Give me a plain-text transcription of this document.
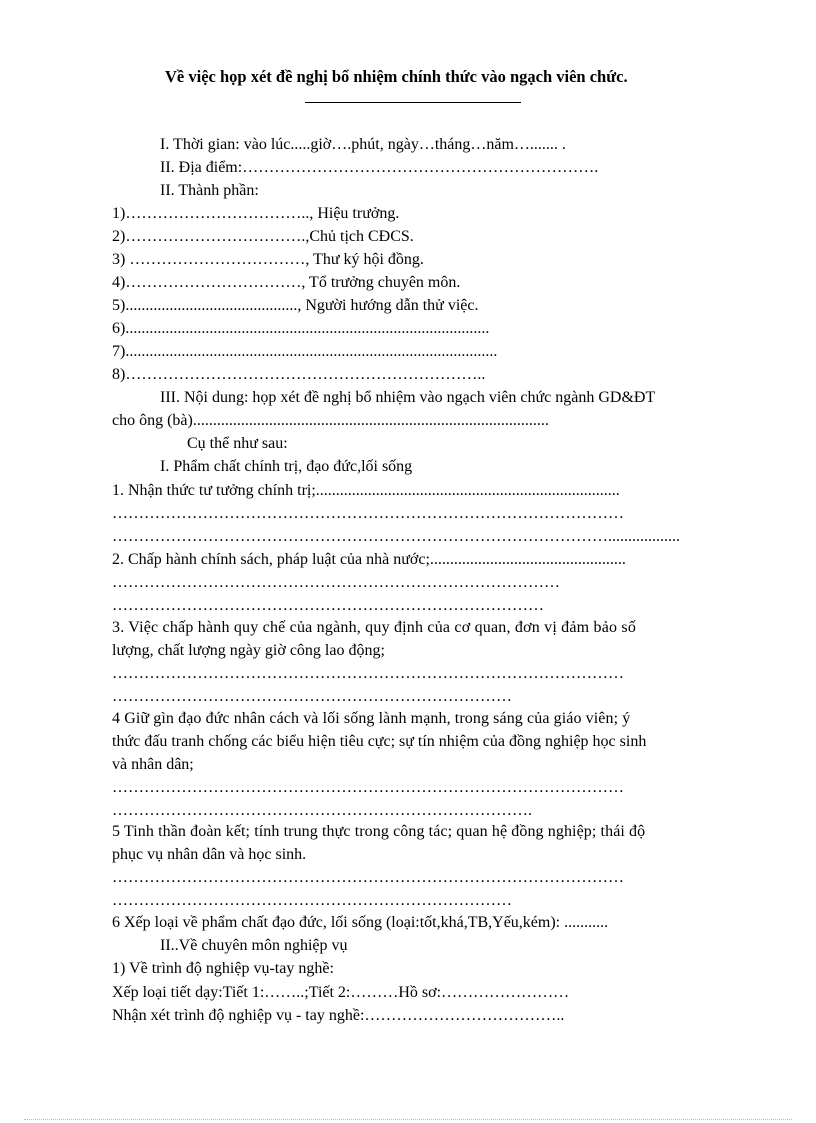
Về việc họp xét đề nghị bổ nhiệm chính thức vào ngạch viên chức.
I. Thời gian: vào lúc.....giờ….phút, ngày…tháng…năm…....... .
II. Địa điểm:………………………………………………………….
II. Thành phần:
1)…………………………….., Hiệu trưởng.
2)…………………………….,Chủ tịch CĐCS.
3) ……………………………, Thư ký hội đồng.
4)……………………………, Tổ trưởng chuyên môn.
5)..........................................., Người hướng dẫn thử việc.
6)...........................................................................................
7).............................................................................................
8)…………………………………………………………..
III. Nội dung: họp xét đề nghị bổ nhiệm vào ngạch viên chức ngành GD&ĐT
cho ông (bà).........................................................................................
Cụ thể như sau:
I. Phẩm chất chính trị, đạo đức,lối sống
1. Nhận thức tư tưởng chính trị;............................................................................
……………………………………………………………………………………
…………………………………………………………………………………..................
2. Chấp hành chính sách, pháp luật của nhà nước;.................................................
…………………………………………………………………………
………………………………………………………………………
3. Việc chấp hành quy chế của ngành, quy định của cơ quan, đơn vị đảm bảo số
lượng, chất lượng ngày giờ công lao động;
……………………………………………………………………………………
…………………………………………………………………
4 Giữ gìn đạo đức nhân cách và lối sống lành mạnh, trong sáng của giáo viên; ý
thức đấu tranh chống các biểu hiện tiêu cực; sự tín nhiệm của đồng nghiệp học sinh
và nhân dân;
……………………………………………………………………………………
…………………………………………………………………….
5 Tinh thần đoàn kết; tính trung thực trong công tác; quan hệ đồng nghiệp; thái độ
phục vụ nhân dân và học sinh.
……………………………………………………………………………………
…………………………………………………………………
6 Xếp loại về phẩm chất đạo đức, lối sống (loại:tốt,khá,TB,Yếu,kém): ...........
II..Về chuyên môn nghiệp vụ
1) Về trình độ nghiệp vụ-tay nghề:
Xếp loại tiết dạy:Tiết 1:……..;Tiết 2:………Hồ sơ:……………………
Nhận xét trình độ nghiệp vụ - tay nghề:………………………………..
